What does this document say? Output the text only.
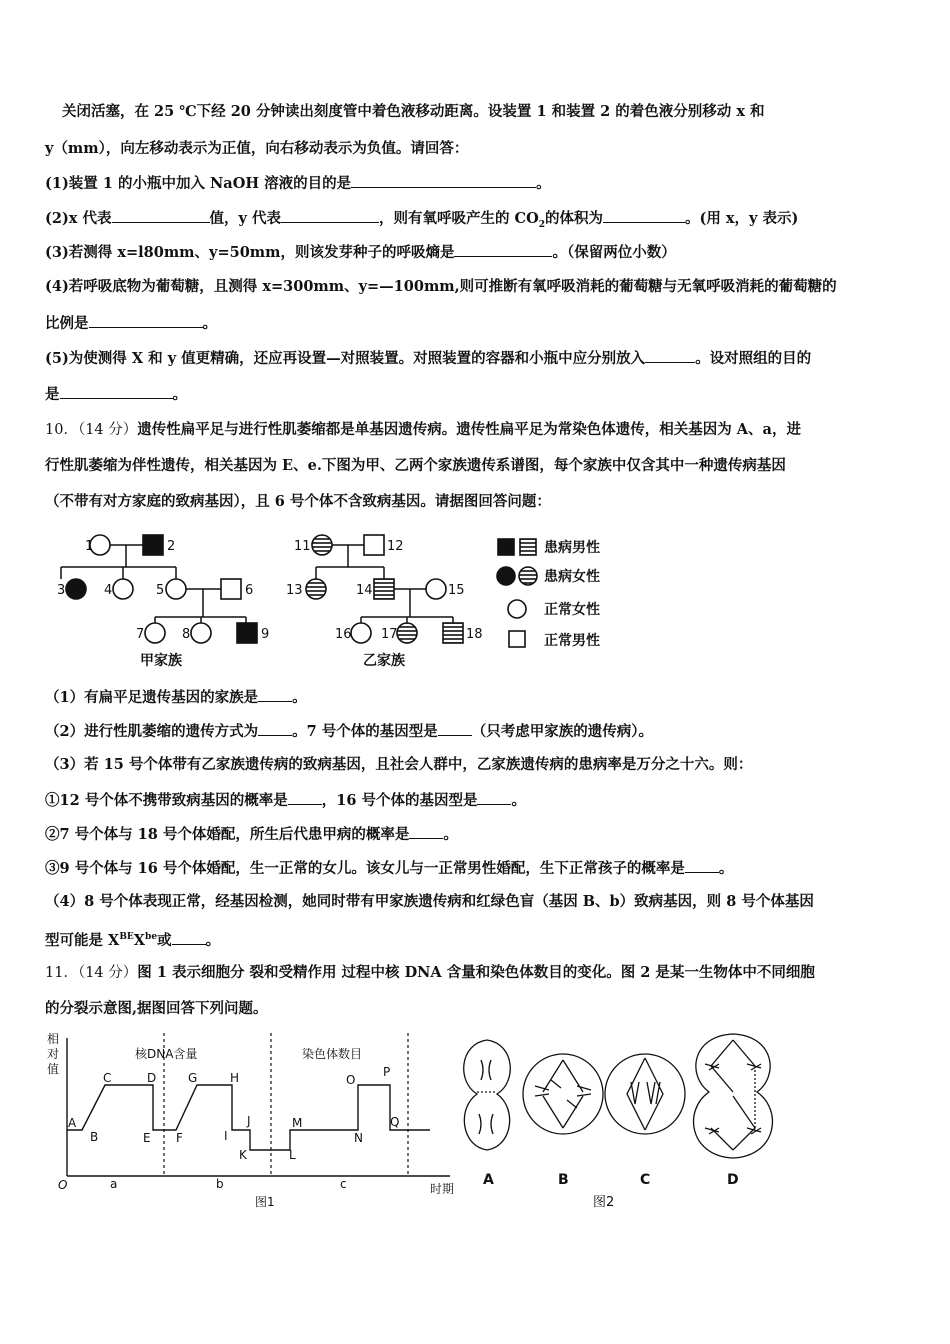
关闭活塞，在 25 ℃下经 20 分钟读出刻度管中着色液移动距离。设装置 1 和装置 2 的着色液分别移动 x 和
y（mm），向左移动表示为正值，向右移动表示为负值。请回答：
(1)装置 1 的小瓶中加入 NaOH 溶液的目的是	。
(2)x 代表	值，y 代表	，则有氧呼吸产生的 $CO_2$的体积为	。(用 x，y 表示)
(3)若测得 x=l80mm、y=50mm，则该发芽种子的呼吸熵是	。（保留两位小数）
(4)若呼吸底物为葡萄糖，且测得 x=300mm、y=—100mm,则可推断有氧呼吸消耗的葡萄糖与无氧呼吸消耗的葡萄糖的
比例是	。
(5)为使测得 X 和 y 值更精确，还应再设置—对照装置。对照装置的容器和小瓶中应分别放入	。设对照组的目的
是	。
10．（14 分）遗传性扁平足与进行性肌萎缩都是单基因遗传病。遗传性扁平足为常染色体遗传，相关基因为 A、a，进
行性肌萎缩为伴性遗传，相关基因为 E、e.下图为甲、乙两个家族遗传系谱图，每个家族中仅含其中一种遗传病基因
（不带有对方家庭的致病基因），且 6 号个体不含致病基因。请据图回答问题：
1	2
3	4	5	6
7	8	9
11	12
13	14	15
16 17	18
甲家族	乙家族
患病男性
患病女性
正常女性
正常男性
（1）有扁平足遗传基因的家族是 。
（2）进行性肌萎缩的遗传方式为 。7 号个体的基因型是 （只考虑甲家族的遗传病）。
（3）若 15 号个体带有乙家族遗传病的致病基因，且社会人群中，乙家族遗传病的患病率是万分之十六。则：
①12 号个体不携带致病基因的概率是 ，16 号个体的基因型是 。
②7 号个体与 18 号个体婚配，所生后代患甲病的概率是 。
③9 号个体与 16 号个体婚配，生一正常的女儿。该女儿与一正常男性婚配，生下正常孩子的概率是 。
（4）8 号个体表现正常，经基因检测，她同时带有甲家族遗传病和红绿色盲（基因 B、b）致病基因，则 8 号个体基因
型可能是 $X^{BE}X^{be}$或 。
11．（14 分）图 1 表示细胞分 裂和受精作用 过程中核 DNA 含量和染色体数目的变化。图 2 是某一生物体中不同细胞
的分裂示意图,据图回答下列问题。
相
对
值
核DNA含量	染色体数目
A
B
C	D
E F
G	H
I
J
K	L
M
N
O
P
Q
O	a	b	c	时期
图1
A	B	C	D
图2
